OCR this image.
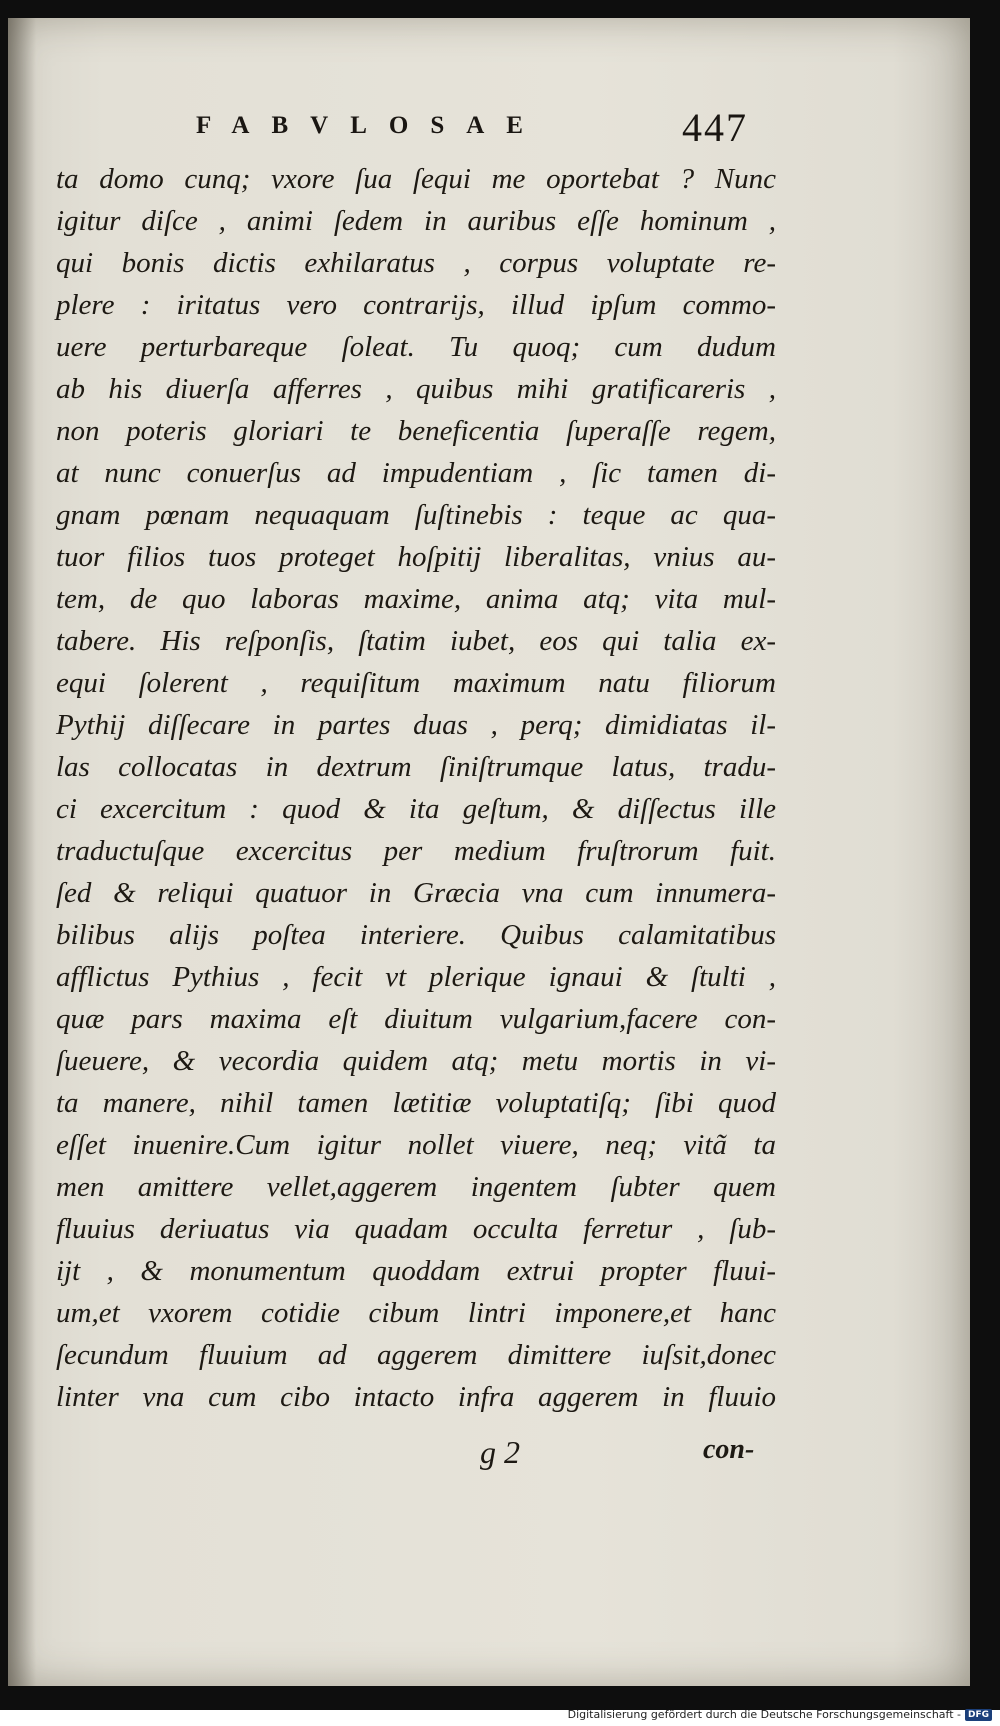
FABVLOSAE	447
ta domo cunq; vxore ſua ſequi me oportebat ? Nunc
igitur diſce , animi ſedem in auribus eſſe hominum ,
qui bonis dictis exhilaratus , corpus voluptate re-
plere : iritatus vero contrarijs, illud ipſum commo-
uere perturbareque ſoleat. Tu quoq; cum dudum
ab his diuerſa afferres , quibus mihi gratificareris ,
non poteris gloriari te beneficentia ſuperaſſe regem,
at nunc conuerſus ad impudentiam , ſic tamen di-
gnam pœnam nequaquam ſuſtinebis : teque ac qua-
tuor filios tuos proteget hoſpitij liberalitas, vnius au-
tem, de quo laboras maxime, anima atq; vita mul-
tabere. His reſponſis, ſtatim iubet, eos qui talia ex-
equi ſolerent , requiſitum maximum natu filiorum
Pythij diſſecare in partes duas , perq; dimidiatas il-
las collocatas in dextrum ſiniſtrumque latus, tradu-
ci excercitum : quod & ita geſtum, & diſſectus ille
traductuſque excercitus per medium fruſtrorum fuit.
ſed & reliqui quatuor in Græcia vna cum innumera-
bilibus alijs poſtea interiere. Quibus calamitatibus
afflictus Pythius , fecit vt plerique ignaui & ſtulti ,
quæ pars maxima eſt diuitum vulgarium,facere con-
ſueuere, & vecordia quidem atq; metu mortis in vi-
ta manere, nihil tamen lætitiæ voluptatiſq; ſibi quod
eſſet inuenire.Cum igitur nollet viuere, neq; vitã ta
men amittere vellet,aggerem ingentem ſubter quem
fluuius deriuatus via quadam occulta ferretur , ſub-
ijt , & monumentum quoddam extrui propter fluui-
um,et vxorem cotidie cibum lintri imponere,et hanc
ſecundum fluuium ad aggerem dimittere iuſsit,donec
linter vna cum cibo intacto infra aggerem in fluuio
g 2	con-
Digitalisierung gefördert durch die Deutsche Forschungsgemeinschaft - DFG
